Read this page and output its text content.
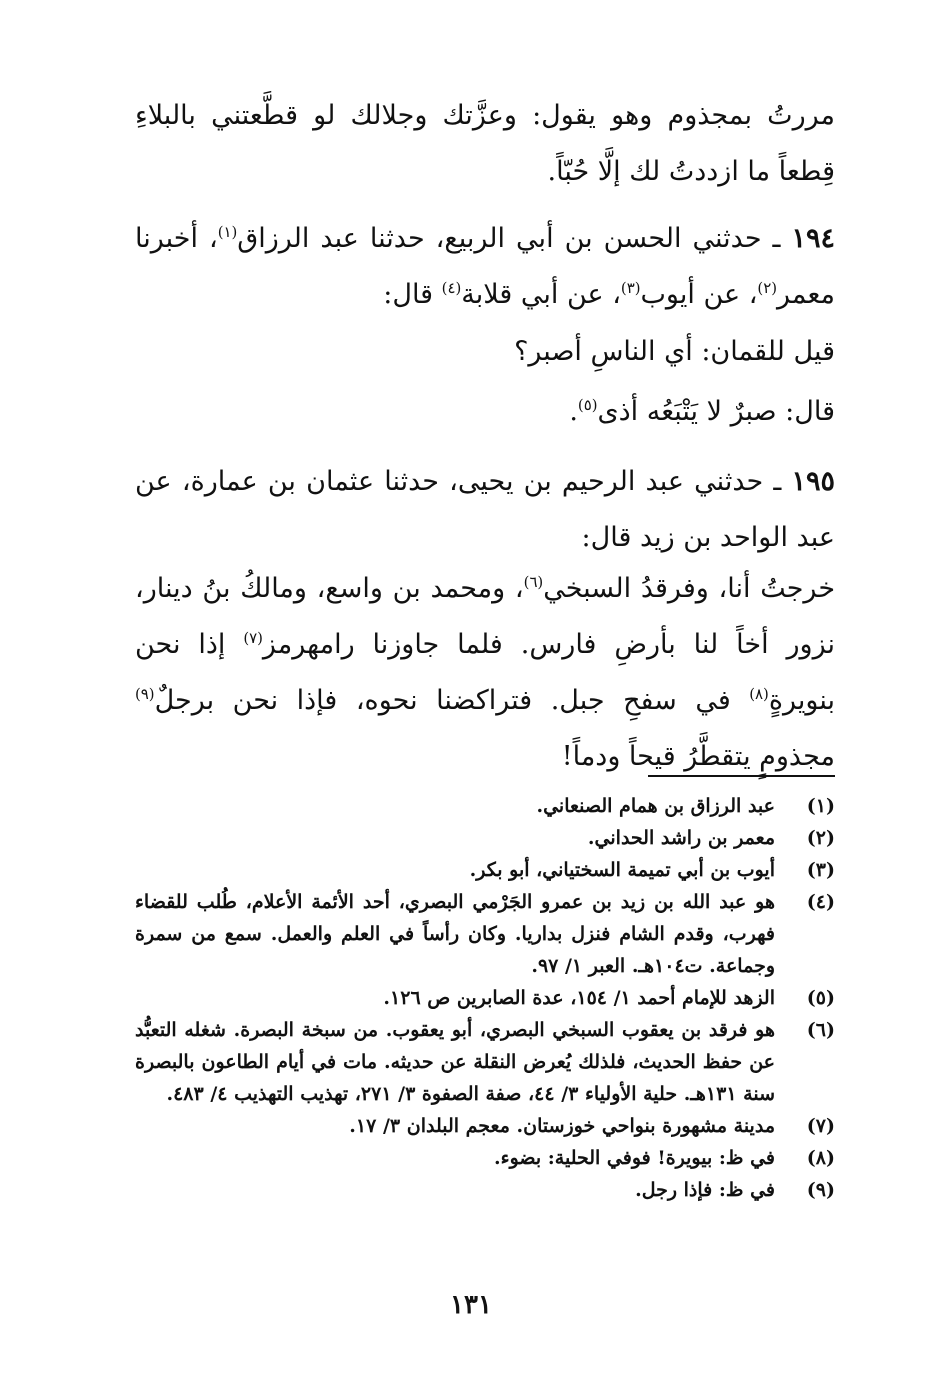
مررتُ بمجذوم وهو يقول: وعزَّتك وجلالك لو قطَّعتني بالبلاءِ قِطعاً ما ازددتُ لك إلَّا حُبّاً.

١٩٤ ـ حدثني الحسن بن أبي الربيع، حدثنا عبد الرزاق$^{(١)}$، أخبرنا معمر$^{(٢)}$، عن أيوب$^{(٣)}$، عن أبي قلابة$^{(٤)}$ قال:

قيل للقمان: أي الناسِ أصبر؟

قال: صبرٌ لا يَتْبَعُه أذى$^{(٥)}$.

١٩٥ ـ حدثني عبد الرحيم بن يحيى، حدثنا عثمان بن عمارة، عن عبد الواحد بن زيد قال:

خرجتُ أنا، وفرقدُ السبخي$^{(٦)}$، ومحمد بن واسع، ومالكُ بنُ دينار، نزور أخاً لنا بأرضِ فارس. فلما جاوزنا رامهرمز$^{(٧)}$ إذا نحن بنويرةٍ$^{(٨)}$ في سفحِ جبل. فتراكضنا نحوه، فإذا نحن برجلٌ$^{(٩)}$ مجذومٍ يتقطَّرُ قيحاً ودماً!

(١)
عبد الرزاق بن همام الصنعاني.
(٢)
معمر بن راشد الحداني.
(٣)
أيوب بن أبي تميمة السختياني، أبو بكر.
(٤)
هو عبد الله بن زيد بن عمرو الجَرْمي البصري، أحد الأئمة الأعلام، طُلب للقضاء فهرب، وقدم الشام فنزل بداريا. وكان رأساً في العلم والعمل. سمع من سمرة وجماعة. ت١٠٤هـ. العبر ١/ ٩٧.
(٥)
الزهد للإمام أحمد ١/ ١٥٤، عدة الصابرين ص ١٢٦.
(٦)
هو فرقد بن يعقوب السبخي البصري، أبو يعقوب. من سبخة البصرة. شغله التعبُّد عن حفظ الحديث، فلذلك يُعرض النقلة عن حديثه. مات في أيام الطاعون بالبصرة سنة ١٣١هـ. حلية الأولياء ٣/ ٤٤، صفة الصفوة ٣/ ٢٧١، تهذيب التهذيب ٤/ ٤٨٣.
(٧)
مدينة مشهورة بنواحي خوزستان. معجم البلدان ٣/ ١٧.
(٨)
في ظ: بيويرة! فوفي الحلية: بضوء.
(٩)
في ظ: فإذا رجل.
١٣١
